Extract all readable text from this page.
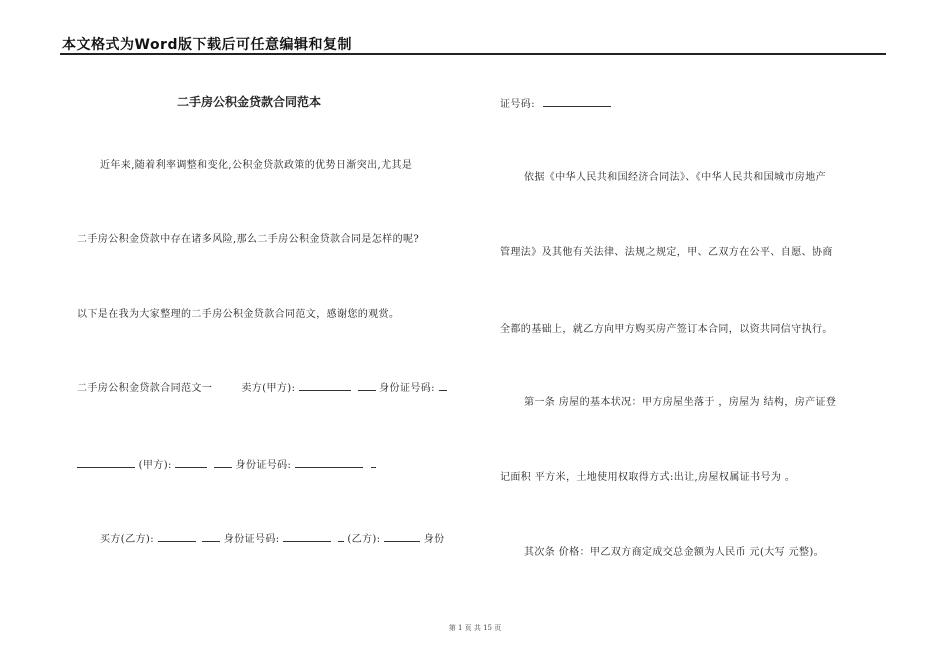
本文格式为Word版下载后可任意编辑和复制
二手房公积金贷款合同范本
近年来,随着利率调整和变化,公积金贷款政策的优势日渐突出,尤其是
二手房公积金贷款中存在诸多风险,那么二手房公积金贷款合同是怎样的呢?
以下是在我为大家整理的二手房公积金贷款合同范文，感谢您的观赏。
二手房公积金贷款合同范文一	卖方(甲方):	身份证号码:
(甲方):	身份证号码:
买方(乙方):	身份证号码:	(乙方):	身份
证号码:
依据《中华人民共和国经济合同法》、《中华人民共和国城市房地产
管理法》及其他有关法律、法规之规定，甲、乙双方在公平、自愿、协商
全都的基础上，就乙方向甲方购买房产签订本合同，以资共同信守执行。
第一条 房屋的基本状况：甲方房屋坐落于 ，房屋为 结构，房产证登
记面积 平方米，土地使用权取得方式:出让,房屋权属证书号为 。
其次条 价格：甲乙双方商定成交总金额为人民币 元(大写 元整)。
第 1 页 共 15 页
